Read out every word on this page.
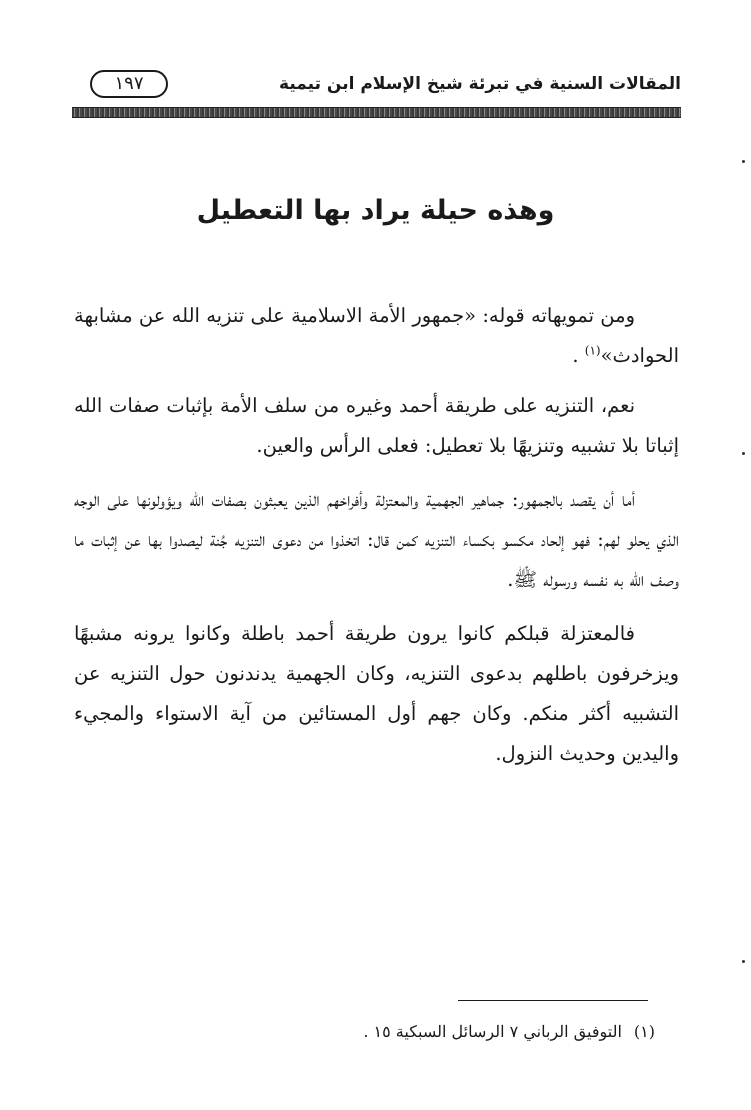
المقالات السنية في تبرئة شيخ الإسلام ابن تيمية
١٩٧
وهذه حيلة يراد بها التعطيل

ومن تمويهاته قوله: «جمهور الأمة الاسلامية على تنزيه الله عن مشابهة الحوادث»$^{(١)}$ .

نعم، التنزيه على طريقة أحمد وغيره من سلف الأمة بإثبات صفات الله إثباتا بلا تشبيه وتنزيهًا بلا تعطيل: فعلى الرأس والعين.

أما أن يقصد بالجمهور: جماهير الجهمية والمعتزلة وأفراخهم الذين يعبثون بصفات الله ويؤولونها على الوجه الذي يحلو لهم: فهو إلحاد مكسو بكساء التنزيه كمن قال: اتخذوا من دعوى التنزيه جُنة ليصدوا بها عن إثبات ما وصف الله به نفسه ورسوله ﷺ.

فالمعتزلة قبلكم كانوا يرون طريقة أحمد باطلة وكانوا يرونه مشبهًا ويزخرفون باطلهم بدعوى التنزيه، وكان الجهمية يدندنون حول التنزيه عن التشبيه أكثر منكم. وكان جهم أول المستائين من آية الاستواء والمجيء واليدين وحديث النزول.

(١)التوفيق الرباني ٧ الرسائل السبكية ١٥ .
